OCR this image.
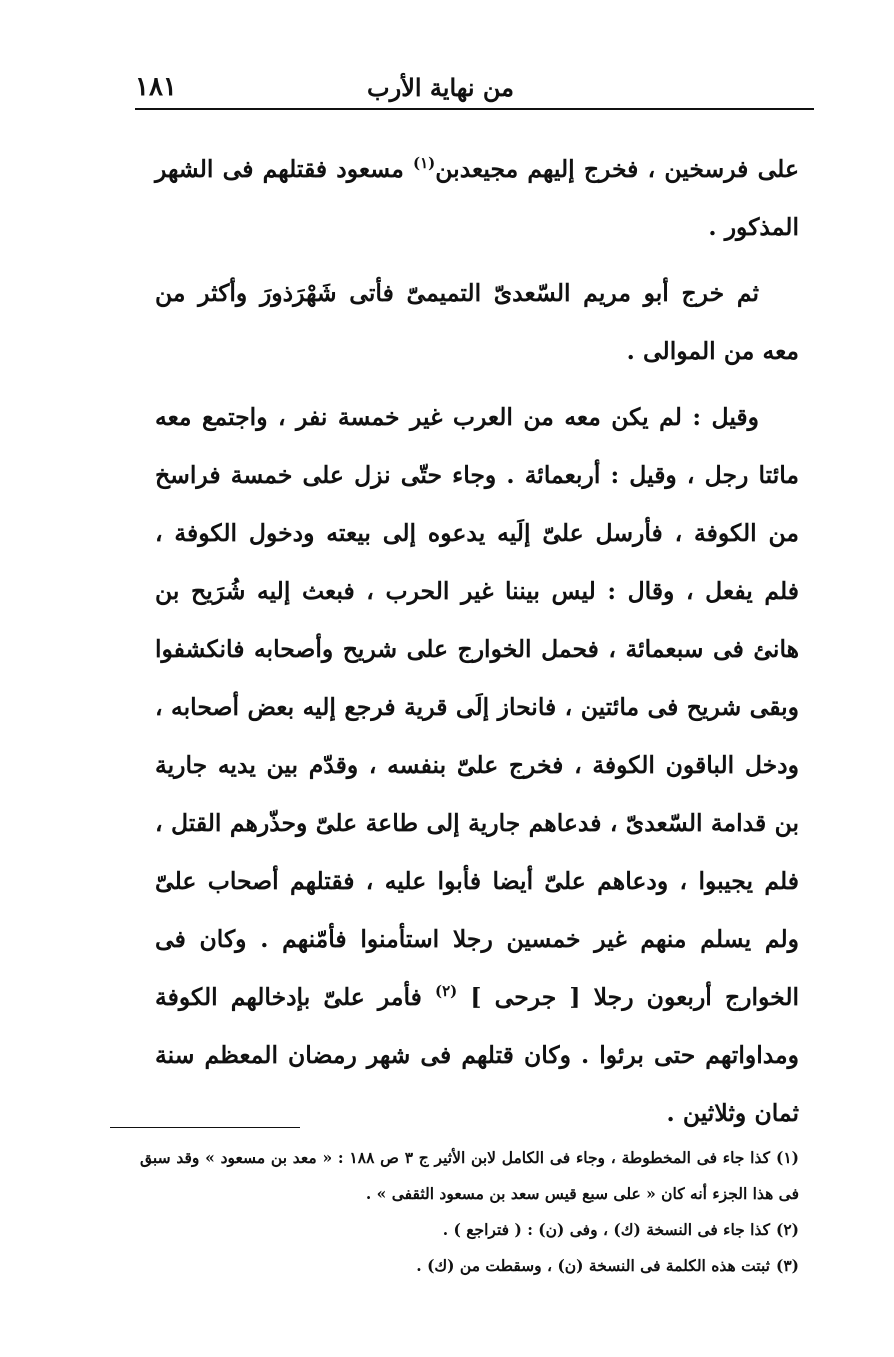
من نهاية الأرب
١٨١

على فرسخين ، فخرج إليهم مجيعدبن$^{(١)}$ مسعود فقتلهم فى الشهر المذكور .

ثم خرج أبو مريم السّعدىّ التميمىّ فأتى شَهْرَذورَ وأكثر من معه من الموالى .

وقيل : لم يكن معه من العرب غير خمسة نفر ، واجتمع معه مائتا رجل ، وقيل : أربعمائة . وجاء حتّى نزل على خمسة فراسخ من الكوفة ، فأرسل علىّ إلَيه يدعوه إلى بيعته ودخول الكوفة ، فلم يفعل ، وقال : ليس بيننا غير الحرب ، فبعث إليه شُرَيح بن هانئ فى سبعمائة ، فحمل الخوارج على شريح وأصحابه فانكشفوا وبقى شريح فى مائتين ، فانحاز إلَى قرية فرجع إليه بعض أصحابه ، ودخل الباقون الكوفة ، فخرج علىّ بنفسه ، وقدّم بين يديه جارية بن قدامة السّعدىّ ، فدعاهم جارية إلى طاعة علىّ وحذّرهم القتل ، فلم يجيبوا ، ودعاهم علىّ أيضا فأبوا عليه ، فقتلهم أصحاب علىّ ولم يسلم منهم غير خمسين رجلا استأمنوا فأمّنهم . وكان فى الخوارج أربعون رجلا [ جرحى ] $^{(٢)}$ فأمر علىّ بإدخالهم الكوفة ومداواتهم حتى برئوا . وكان قتلهم فى شهر رمضان المعظم سنة ثمان وثلاثين .

(١)كذا جاء فى المخطوطة ، وجاء فى الكامل لابن الأثير ج ٣ ص ١٨٨ : « معد بن مسعود » وقد سبق فى هذا الجزء أنه كان « على سبع قيس سعد بن مسعود الثقفى » .

(٢)كذا جاء فى النسخة (ك) ، وفى (ن) : ( فتراجع ) .

(٣)ثبتت هذه الكلمة فى النسخة (ن) ، وسقطت من (ك) .
